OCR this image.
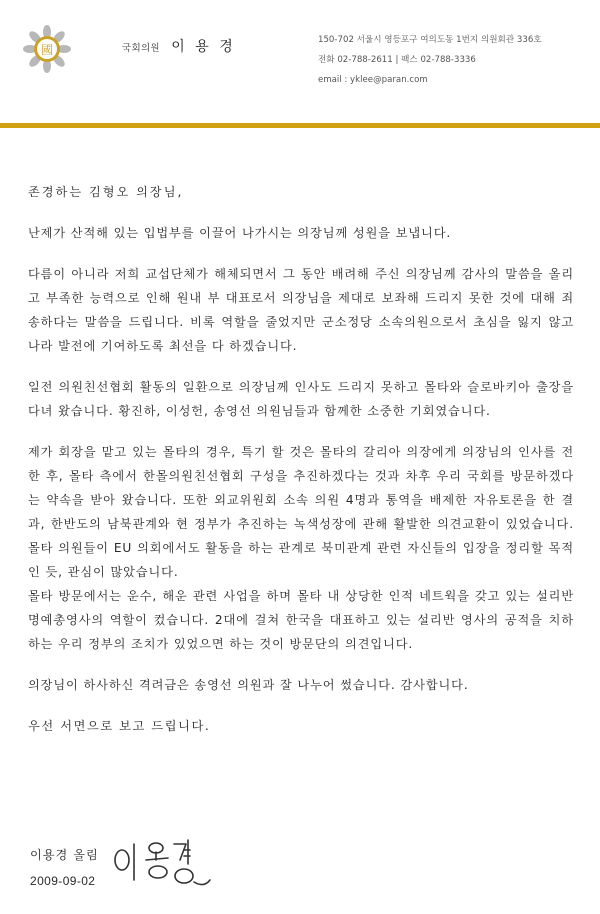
國	국회의원 이 용 경	150-702 서울시 영등포구 여의도동 1번지 의원회관 336호
전화 02-788-2611 | 팩스 02-788-3336
email : yklee@paran.com

존경하는 김형오 의장님,

난제가 산적해 있는 입법부를 이끌어 나가시는 의장님께 성원을 보냅니다.

다름이 아니라 저희 교섭단체가 해체되면서 그 동안 배려해 주신 의장님께 감사의 말씀을 올리고 부족한 능력으로 인해 원내 부 대표로서 의장님을 제대로 보좌해 드리지 못한 것에 대해 죄송하다는 말씀을 드립니다. 비록 역할을 줄었지만 군소정당 소속의원으로서 초심을 잃지 않고 나라 발전에 기여하도록 최선을 다 하겠습니다.

일전 의원친선협회 활동의 일환으로 의장님께 인사도 드리지 못하고 몰타와 슬로바키아 출장을 다녀 왔습니다. 황진하, 이성헌, 송영선 의원님들과 함께한 소중한 기회였습니다.

제가 회장을 맡고 있는 몰타의 경우, 특기 할 것은 몰타의 갈리아 의장에게 의장님의 인사를 전한 후, 몰타 측에서 한몰의원친선협회 구성을 추진하겠다는 것과 차후 우리 국회를 방문하겠다는 약속을 받아 왔습니다. 또한 외교위원회 소속 의원 4명과 통역을 배제한 자유토론을 한 결과, 한반도의 남북관계와 현 정부가 추진하는 녹색성장에 관해 활발한 의견교환이 있었습니다. 몰타 의원들이 EU 의회에서도 활동을 하는 관계로 북미관계 관련 자신들의 입장을 정리할 목적인 듯, 관심이 많았습니다.
몰타 방문에서는 운수, 해운 관련 사업을 하며 몰타 내 상당한 인적 네트웍을 갖고 있는 설리반 명예총영사의 역할이 컸습니다. 2대에 걸쳐 한국을 대표하고 있는 설리반 영사의 공적을 치하하는 우리 정부의 조치가 있었으면 하는 것이 방문단의 의견입니다.

의장님이 하사하신 격려금은 송영선 의원과 잘 나누어 썼습니다. 감사합니다.

우선 서면으로 보고 드립니다.

이용경 올림
2009-09-02
